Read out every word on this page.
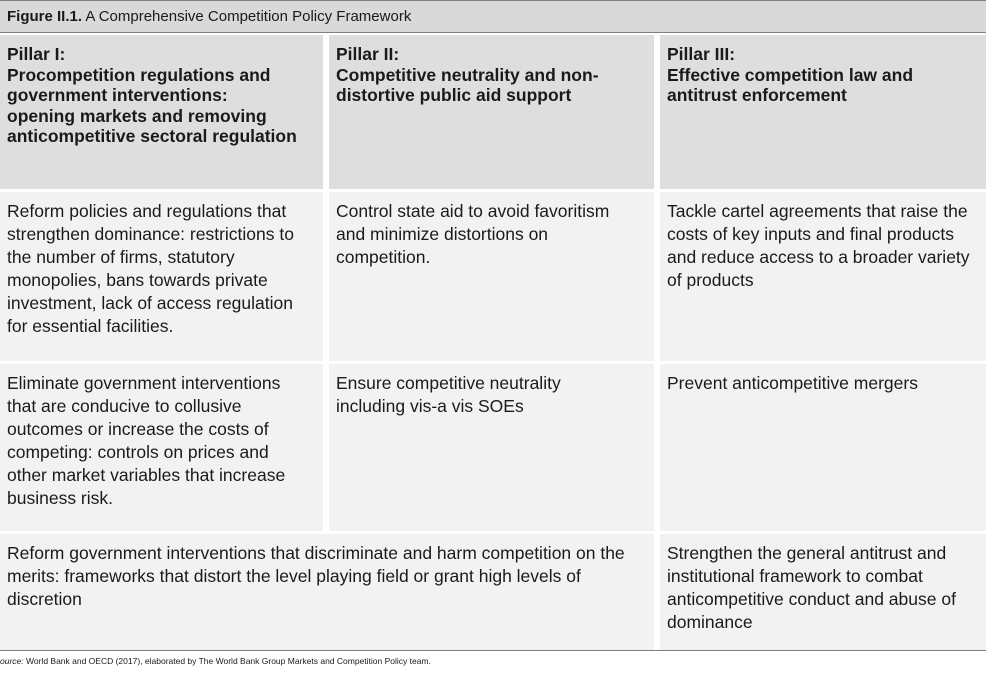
Figure II.1. A Comprehensive Competition Policy Framework
Pillar I:
Procompetition regulations and government interventions: opening markets and removing anticompetitive sectoral regulation
Pillar II:
Competitive neutrality and non-distortive public aid support
Pillar III:
Effective competition law and antitrust enforcement
Reform policies and regulations that strengthen dominance: restrictions to the number of firms, statutory monopolies, bans towards private investment, lack of access regulation for essential facilities.
Control state aid to avoid favoritism and minimize distortions on competition.
Tackle cartel agreements that raise the costs of key inputs and final products and reduce access to a broader variety of products
Eliminate government interventions that are conducive to collusive outcomes or increase the costs of competing: controls on prices and other market variables that increase business risk.
Ensure competitive neutrality including vis-a vis SOEs
Prevent anticompetitive mergers
Reform government interventions that discriminate and harm competition on the merits: frameworks that distort the level playing field or grant high levels of discretion
Strengthen the general antitrust and institutional framework to combat anticompetitive conduct and abuse of dominance
ource: World Bank and OECD (2017), elaborated by The World Bank Group Markets and Competition Policy team.
